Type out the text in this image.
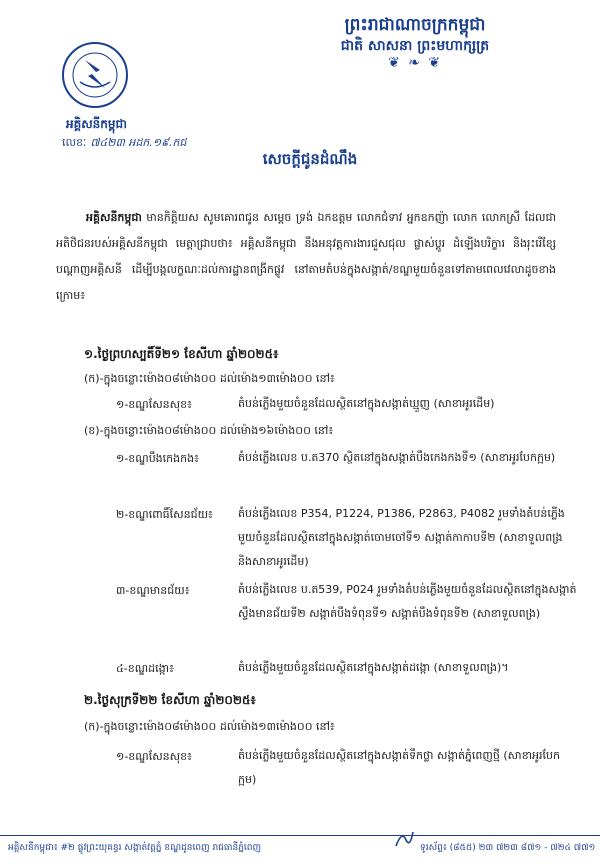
ព្រះរាជាណាចក្រកម្ពុជា
ជាតិ សាសនា ព្រះមហាក្សត្រ
❦ ❧ ❦
អគ្គិសនីកម្ពុជា
លេខៈ ៧៤២៣ អដក.១៩.កជ
សេចក្តីជូនដំណឹង
អគ្គិសនីកម្ពុជា មានកិត្តិយស សូមគោរពជូន សម្តេច ទ្រង់ ឯកឧត្តម លោកជំទាវ អ្នកឧកញ៉ា លោក លោកស្រី ដែលជាអតិថិជនរបស់អគ្គិសនីកម្ពុជា មេត្តាជ្រាបថា៖ អគ្គិសនីកម្ពុជា នឹងអនុវត្តការងារជួសជុល ផ្លាស់ប្តូរ ដំឡើងបរិក្ខារ និងរុះរើខ្សែបណ្តាញអគ្គិសនី ដើម្បីបង្កលក្ខណៈដល់ការដ្ឋានពង្រីកផ្លូវ នៅតាមតំបន់ក្នុងសង្កាត់/ខណ្ឌមួយចំនួនទៅតាមពេលវេលាដូចខាងក្រោម៖
១.ថ្ងៃព្រហស្បតិ៍ទី២១ ខែសីហា ឆ្នាំ២០២៥៖
(ក)-ក្នុងចន្លោះម៉ោង០៨ម៉ោង០០ ដល់ម៉ោង១៣ម៉ោង០០ នៅ៖
១-ខណ្ឌសែនសុខ៖	តំបន់ភ្លើងមួយចំនួនដែលស្ថិតនៅក្នុងសង្កាត់ឃ្មួញ (សាខាអូរដើម)
(ខ)-ក្នុងចន្លោះម៉ោង០៨ម៉ោង០០ ដល់ម៉ោង១៦ម៉ោង០០ នៅ៖
១-ខណ្ឌបឹងកេងកង៖	តំបន់ភ្លើងលេខ ប.ត370 ស្ថិតនៅក្នុងសង្កាត់បឹងកេងកងទី១ (សាខាអូរបែកក្អម)
២-ខណ្ឌពោធិ៍សែនជ័យ៖ តំបន់ភ្លើងលេខ P354, P1224, P1386, P2863, P4082 រួមទាំងតំបន់ភ្លើងមួយចំនួនដែលស្ថិតនៅក្នុងសង្កាត់ចោមចៅទី១ សង្កាត់កាកាបទី២ (សាខាទួលពង្រ និងសាខាអូរដើម)
៣-ខណ្ឌមានជ័យ៖	តំបន់ភ្លើងលេខ ប.ត539, P024 រួមទាំងតំបន់ភ្លើងមួយចំនួនដែលស្ថិតនៅក្នុងសង្កាត់ស្ទឹងមានជ័យទី២ សង្កាត់បឹងទំពុនទី១ សង្កាត់បឹងទំពុនទី២ (សាខាទួលពង្រ)
៤-ខណ្ឌដង្កោ៖	តំបន់ភ្លើងមួយចំនួនដែលស្ថិតនៅក្នុងសង្កាត់ដង្កោ (សាខាទួលពង្រ)។
២.ថ្ងៃសុក្រទី២២ ខែសីហា ឆ្នាំ២០២៥៖
(ក)-ក្នុងចន្លោះម៉ោង០៨ម៉ោង០០ ដល់ម៉ោង១៣ម៉ោង០០ នៅ៖
១-ខណ្ឌសែនសុខ៖	តំបន់ភ្លើងមួយចំនួនដែលស្ថិតនៅក្នុងសង្កាត់ទឹកថ្លា សង្កាត់ភ្នំពេញថ្មី (សាខាអូរបែកក្អម)
អគ្គិសនីកម្ពុជា៖ #២ ផ្លូវព្រះយុគន្ធរ សង្កាត់វត្តភ្នំ ខណ្ឌដូនពេញ រាជធានីភ្នំពេញ	ទូរស័ព្ទ៖ (៨៥៥) ២៣ ៧២៣ ៨៧១ - ៧២៤ ៧៧១
